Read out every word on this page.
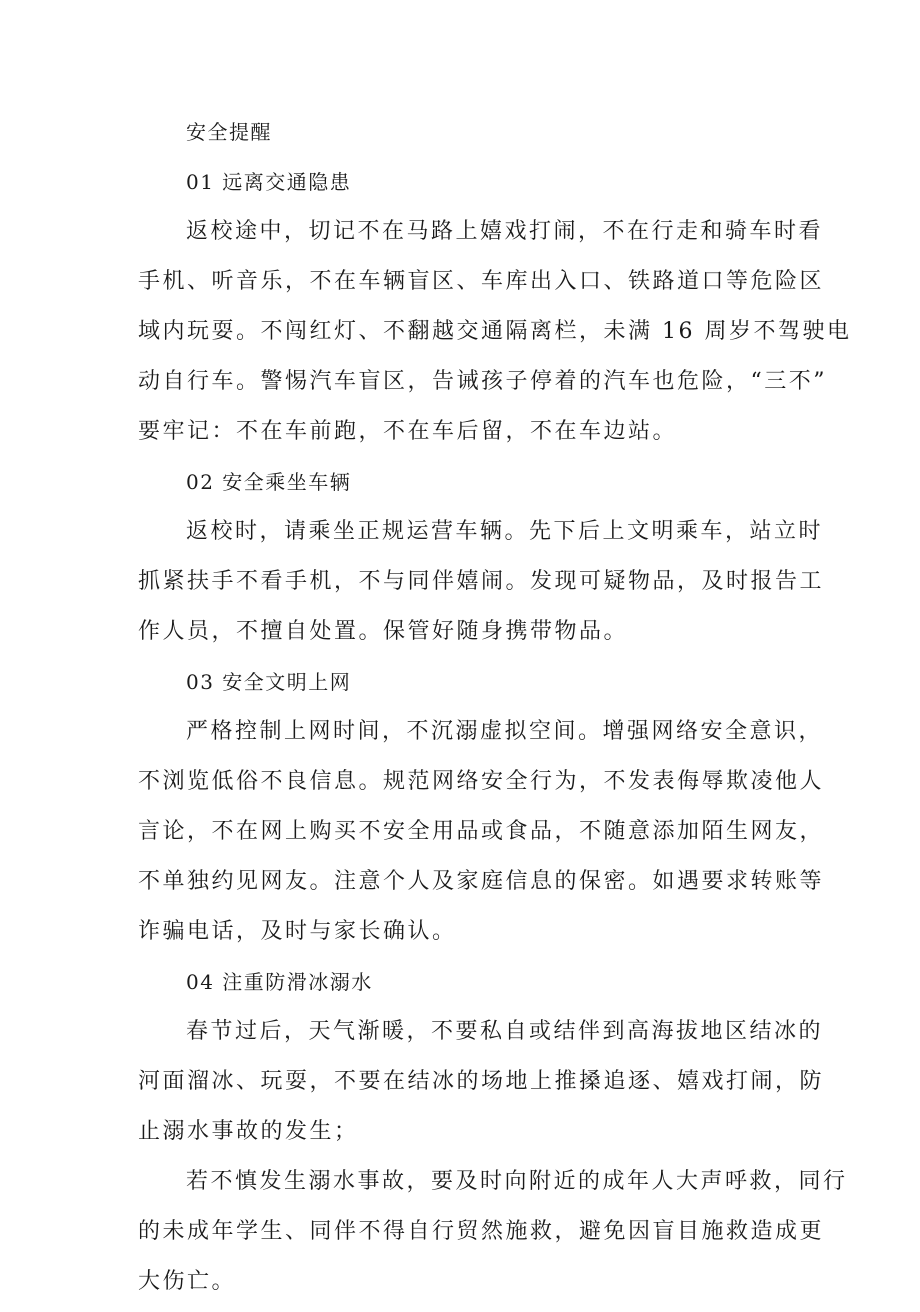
安全提醒
01 远离交通隐患
返校途中，切记不在马路上嬉戏打闹，不在行走和骑车时看
手机、听音乐，不在车辆盲区、车库出入口、铁路道口等危险区
域内玩耍。不闯红灯、不翻越交通隔离栏，未满 16 周岁不驾驶电
动自行车。警惕汽车盲区，告诫孩子停着的汽车也危险，“三不”
要牢记：不在车前跑，不在车后留，不在车边站。
02 安全乘坐车辆
返校时，请乘坐正规运营车辆。先下后上文明乘车，站立时
抓紧扶手不看手机，不与同伴嬉闹。发现可疑物品，及时报告工
作人员，不擅自处置。保管好随身携带物品。
03 安全文明上网
严格控制上网时间，不沉溺虚拟空间。增强网络安全意识，
不浏览低俗不良信息。规范网络安全行为，不发表侮辱欺凌他人
言论，不在网上购买不安全用品或食品，不随意添加陌生网友，
不单独约见网友。注意个人及家庭信息的保密。如遇要求转账等
诈骗电话，及时与家长确认。
04 注重防滑冰溺水
春节过后，天气渐暖，不要私自或结伴到高海拔地区结冰的
河面溜冰、玩耍，不要在结冰的场地上推搡追逐、嬉戏打闹，防
止溺水事故的发生；
若不慎发生溺水事故，要及时向附近的成年人大声呼救，同行
的未成年学生、同伴不得自行贸然施救，避免因盲目施救造成更
大伤亡。
